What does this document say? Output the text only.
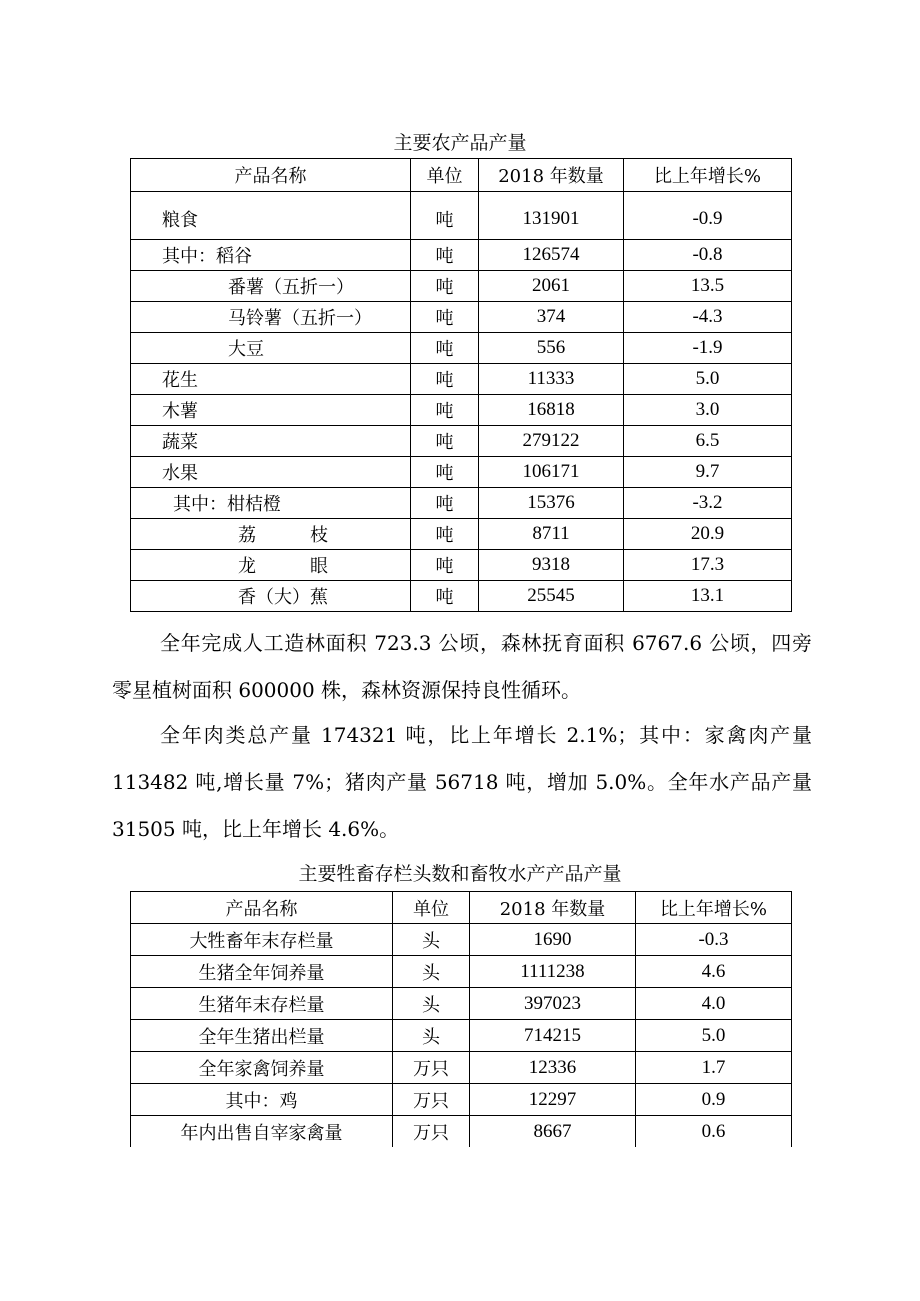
主要农产品产量
产品名称	单位	2018 年数量	比上年增长%
粮食	吨	131901	-0.9
其中：稻谷	吨	126574	-0.8
番薯（五折一）	吨	2061	13.5
马铃薯（五折一）	吨	374	-4.3
大豆	吨	556	-1.9
花生	吨	11333	5.0
木薯	吨	16818	3.0
蔬菜	吨	279122	6.5
水果	吨	106171	9.7
其中：柑桔橙	吨	15376	-3.2
荔　　　枝	吨	8711	20.9
龙　　　眼	吨	9318	17.3
香（大）蕉	吨	25545	13.1

全年完成人工造林面积 723.3 公顷，森林抚育面积 6767.6 公顷，四旁零星植树面积 600000 株，森林资源保持良性循环。

全年肉类总产量 174321 吨，比上年增长 2.1%；其中：家禽肉产量 113482 吨,增长量 7%；猪肉产量 56718 吨，增加 5.0%。全年水产品产量 31505 吨，比上年增长 4.6%。

主要牲畜存栏头数和畜牧水产产品产量
产品名称	单位	2018 年数量	比上年增长%
大牲畜年末存栏量	头	1690	-0.3
生猪全年饲养量	头	1111238	4.6
生猪年末存栏量	头	397023	4.0
全年生猪出栏量	头	714215	5.0
全年家禽饲养量	万只	12336	1.7
其中：鸡	万只	12297	0.9
年内出售自宰家禽量	万只	8667	0.6
